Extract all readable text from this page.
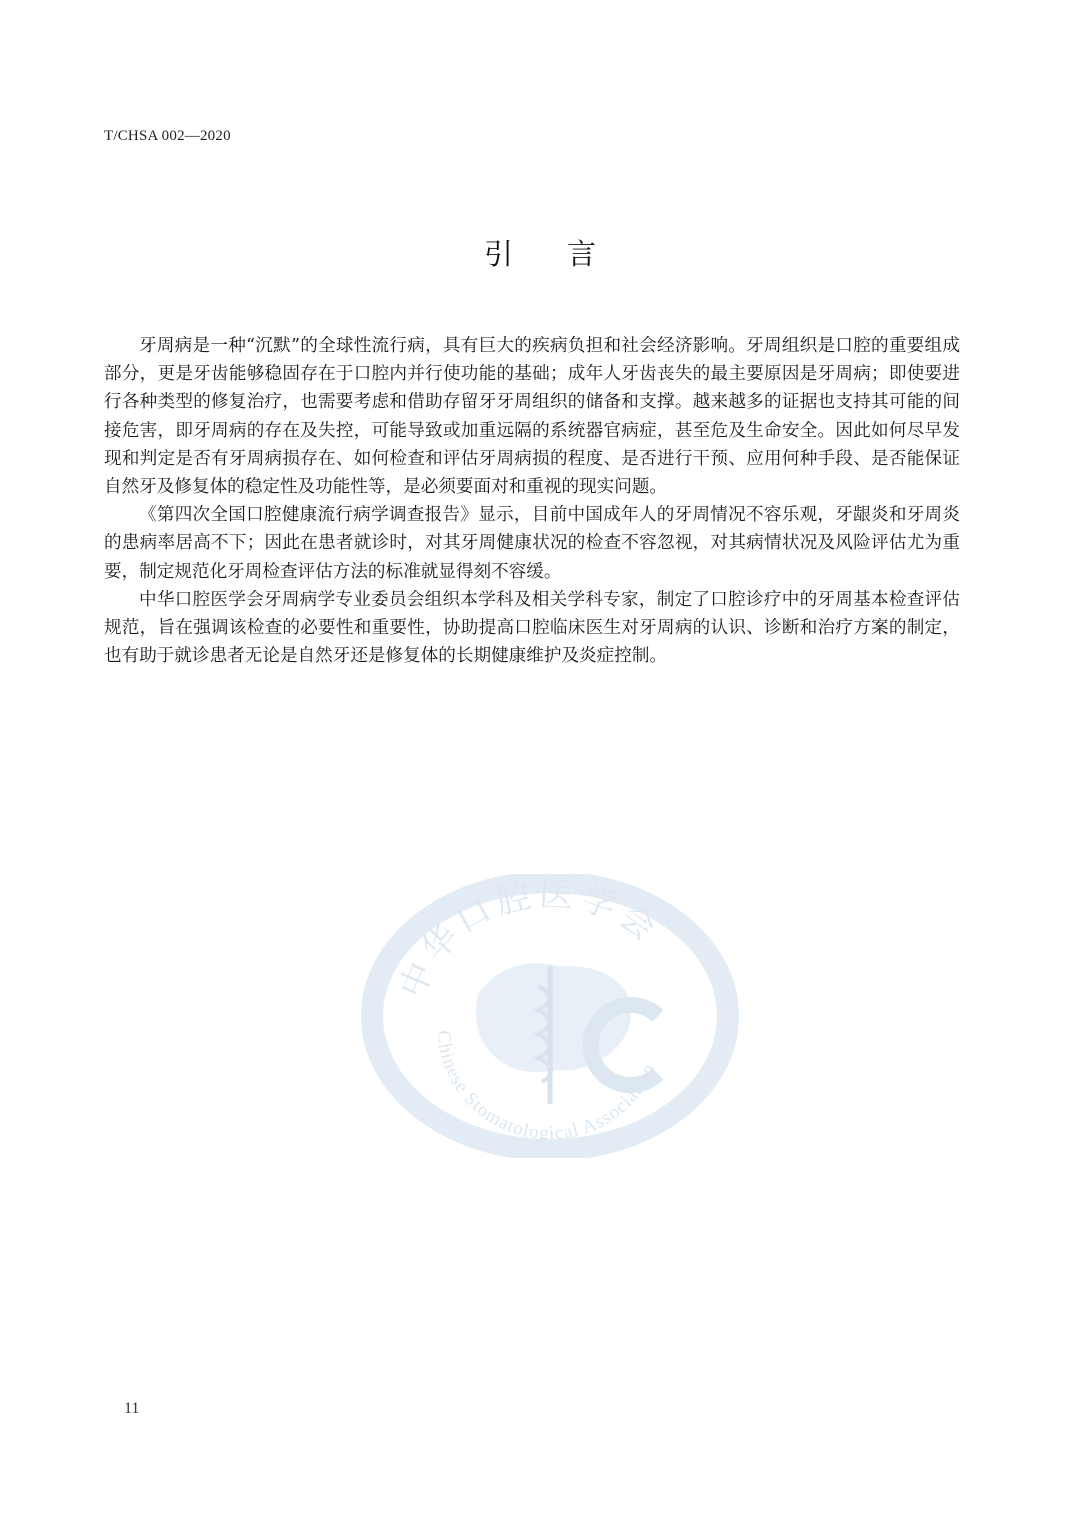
T/CHSA 002—2020
引言

牙周病是一种“沉默”的全球性流行病，具有巨大的疾病负担和社会经济影响。牙周组织是口腔的重要组成部分，更是牙齿能够稳固存在于口腔内并行使功能的基础；成年人牙齿丧失的最主要原因是牙周病；即使要进行各种类型的修复治疗，也需要考虑和借助存留牙牙周组织的储备和支撑。越来越多的证据也支持其可能的间接危害，即牙周病的存在及失控，可能导致或加重远隔的系统器官病症，甚至危及生命安全。因此如何尽早发现和判定是否有牙周病损存在、如何检查和评估牙周病损的程度、是否进行干预、应用何种手段、是否能保证自然牙及修复体的稳定性及功能性等，是必须要面对和重视的现实问题。

《第四次全国口腔健康流行病学调查报告》显示，目前中国成年人的牙周情况不容乐观，牙龈炎和牙周炎的患病率居高不下；因此在患者就诊时，对其牙周健康状况的检查不容忽视，对其病情状况及风险评估尤为重要，制定规范化牙周检查评估方法的标准就显得刻不容缓。

中华口腔医学会牙周病学专业委员会组织本学科及相关学科专家，制定了口腔诊疗中的牙周基本检查评估规范，旨在强调该检查的必要性和重要性，协助提高口腔临床医生对牙周病的认识、诊断和治疗方案的制定，也有助于就诊患者无论是自然牙还是修复体的长期健康维护及炎症控制。

中华口腔医学会
Chinese Stomatological Association
11
